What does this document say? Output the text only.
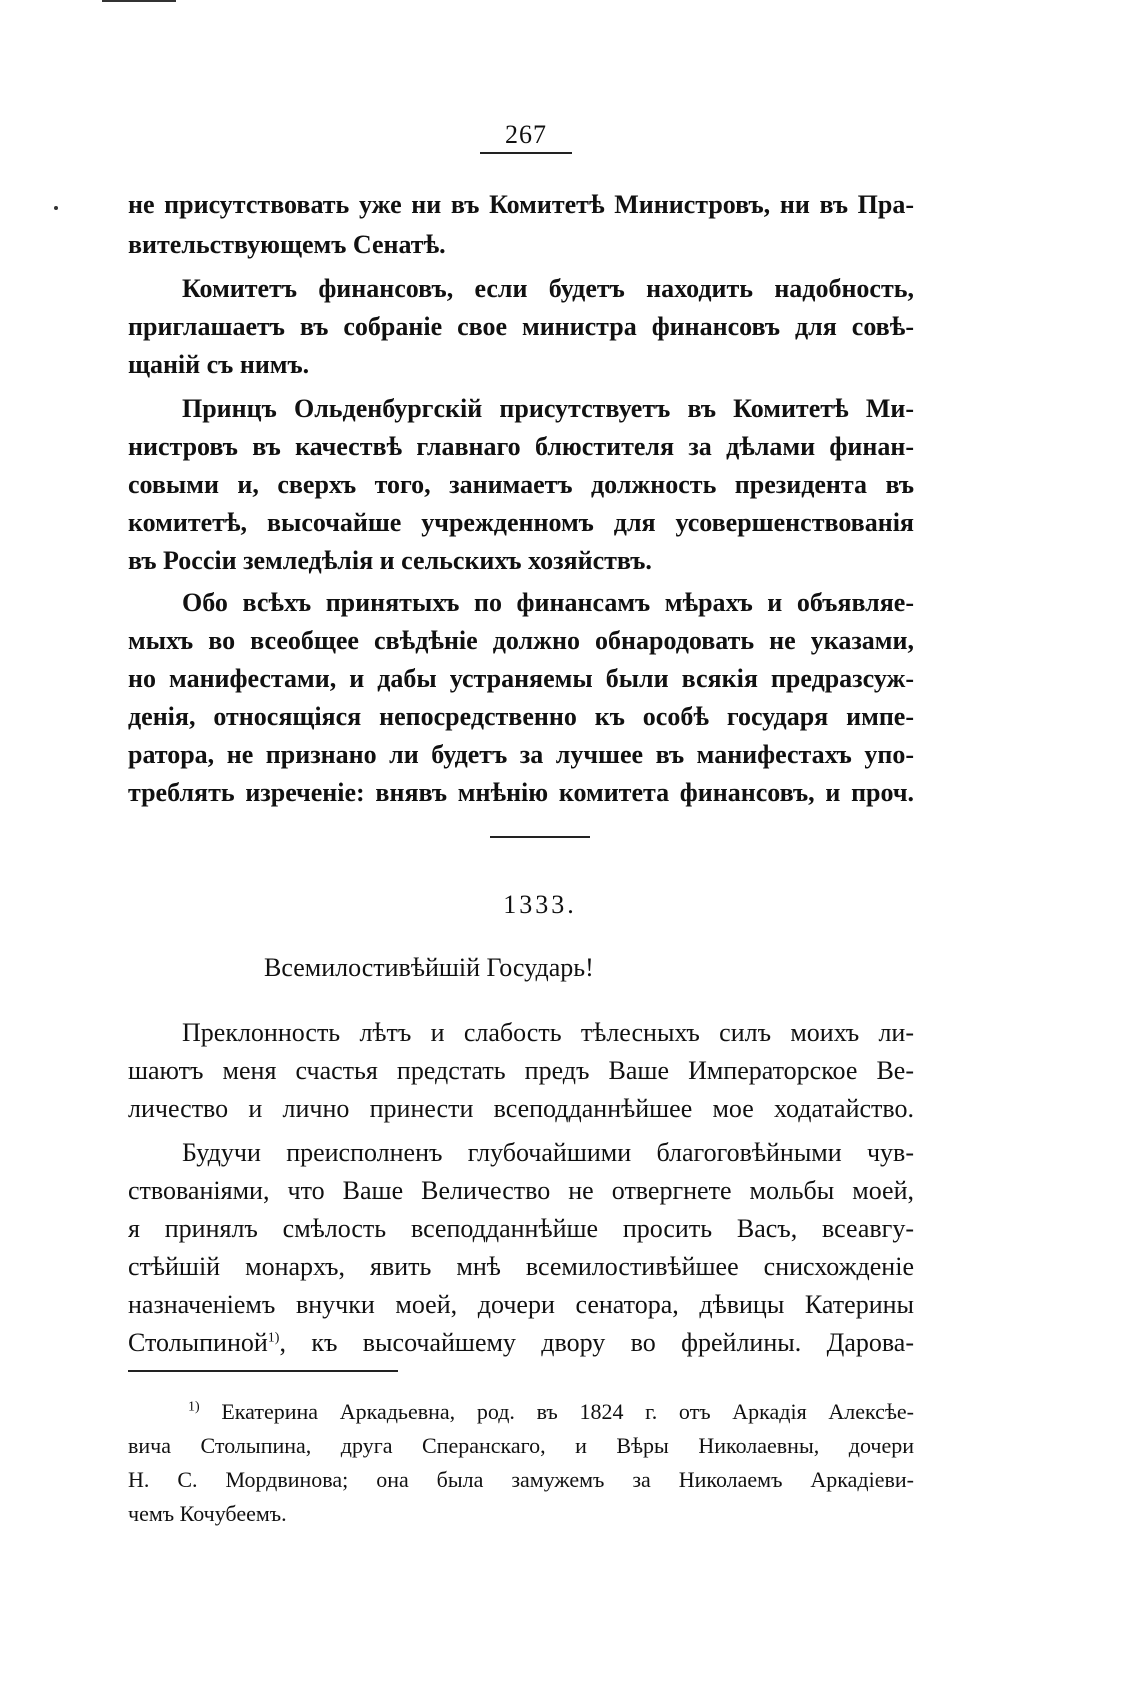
267
не присутствовать уже ни въ Комитетѣ Министровъ, ни въ Пра-
вительствующемъ Сенатѣ.
Комитетъ финансовъ, если будетъ находить надобность,
приглашаетъ въ собраніе свое министра финансовъ для совѣ-
щаній съ нимъ.
Принцъ Ольденбургскій присутствуетъ въ Комитетѣ Ми-
нистровъ въ качествѣ главнаго блюстителя за дѣлами финан-
совыми и, сверхъ того, занимаетъ должность президента въ
комитетѣ, высочайше учрежденномъ для усовершенствованія
въ Россіи земледѣлія и сельскихъ хозяйствъ.
Обо всѣхъ принятыхъ по финансамъ мѣрахъ и объявляе-
мыхъ во всеобщее свѣдѣніе должно обнародовать не указами,
но манифестами, и дабы устраняемы были всякія предразсуж-
денія, относящіяся непосредственно къ особѣ государя импе-
ратора, не признано ли будетъ за лучшее въ манифестахъ упо-
треблять изреченіе: внявъ мнѣнію комитета финансовъ, и проч.
1333.
Всемилостивѣйшій Государь!
Преклонность лѣтъ и слабость тѣлесныхъ силъ моихъ ли-
шаютъ меня счастья предстать предъ Ваше Императорское Ве-
личество и лично принести всеподданнѣйшее мое ходатайство.
Будучи преисполненъ глубочайшими благоговѣйными чув-
ствованіями, что Ваше Величество не отвергнете мольбы моей,
я принялъ смѣлость всеподданнѣйше просить Васъ, всеавгу-
стѣйшій монархъ, явить мнѣ всемилостивѣйшее снисхожденіе
назначеніемъ внучки моей, дочери сенатора, дѣвицы Катерины
Столыпиной$^{1)}$, къ высочайшему двору во фрейлины. Дарова-
$^{1)}$ Екатерина Аркадьевна, род. въ 1824 г. отъ Аркадія Алексѣе-
вича Столыпина, друга Сперанскаго, и Вѣры Николаевны, дочери
Н. С. Мордвинова; она была замужемъ за Николаемъ Аркадіеви-
чемъ Кочубеемъ.
